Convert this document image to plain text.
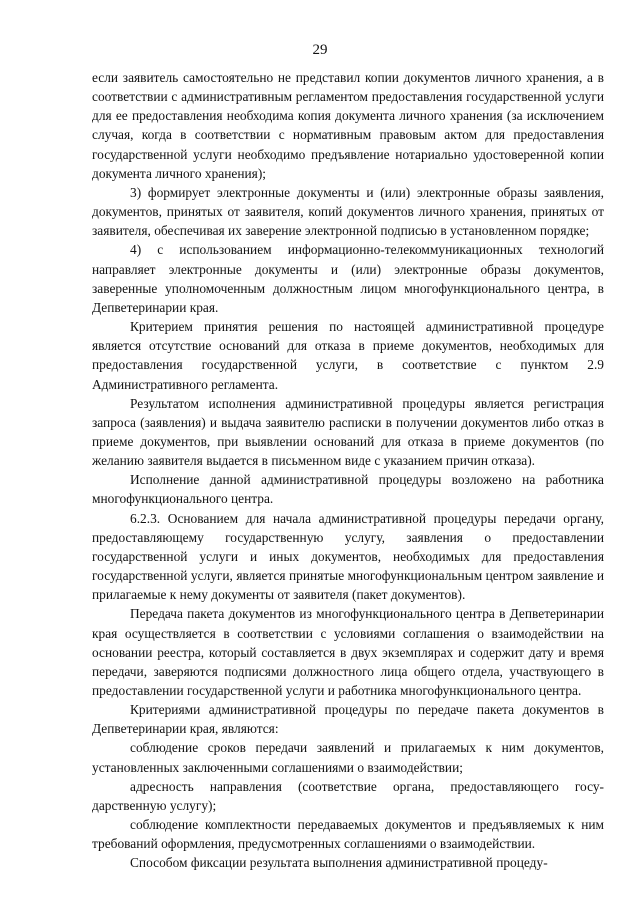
29

если заявитель самостоятельно не представил копии документов личного хранения, а в соответствии с административным регламентом предоставления государственной услуги для ее предоставления необходима копия документа личного хранения (за исключением случая, когда в соответствии с нормативным правовым актом для предоставления государственной услуги необходимо предъявление нотариально удостоверенной копии документа личного хранения);

3) формирует электронные документы и (или) электронные образы заявления, документов, принятых от заявителя, копий документов личного хранения, принятых от заявителя, обеспечивая их заверение электронной подписью в установленном порядке;

4) с использованием информационно-телекоммуникационных технологий направляет электронные документы и (или) электронные образы документов, заверенные уполномоченным должностным лицом многофункционального центра, в Депветеринарии края.

Критерием принятия решения по настоящей административной процедуре является отсутствие оснований для отказа в приеме документов, необходимых для предоставления государственной услуги, в соответствие с пунктом 2.9 Административного регламента.

Результатом исполнения административной процедуры является регистрация запроса (заявления) и выдача заявителю расписки в получении документов либо отказ в приеме документов, при выявлении оснований для отказа в приеме документов (по желанию заявителя выдается в письменном виде с указанием причин отказа).

Исполнение данной административной процедуры возложено на работника многофункционального центра.

6.2.3. Основанием для начала административной процедуры передачи органу, предоставляющему государственную услугу, заявления о предоставлении государственной услуги и иных документов, необходимых для предоставления государственной услуги, является принятые многофункциональным центром заявление и прилагаемые к нему документы от заявителя (пакет документов).

Передача пакета документов из многофункционального центра в Депветеринарии края осуществляется в соответствии с условиями соглашения о взаимодействии на основании реестра, который составляется в двух экземплярах и содержит дату и время передачи, заверяются подписями должностного лица общего отдела, участвующего в предоставлении государственной услуги и работника многофункционального центра.

Критериями административной процедуры по передаче пакета документов в Депветеринарии края, являются:

соблюдение сроков передачи заявлений и прилагаемых к ним документов, установленных заключенными соглашениями о взаимодействии;

адресность направления (соответствие органа, предоставляющего государственную услугу);

соблюдение комплектности передаваемых документов и предъявляемых к ним требований оформления, предусмотренных соглашениями о взаимодействии.

Способом фиксации результата выполнения административной процеду-
